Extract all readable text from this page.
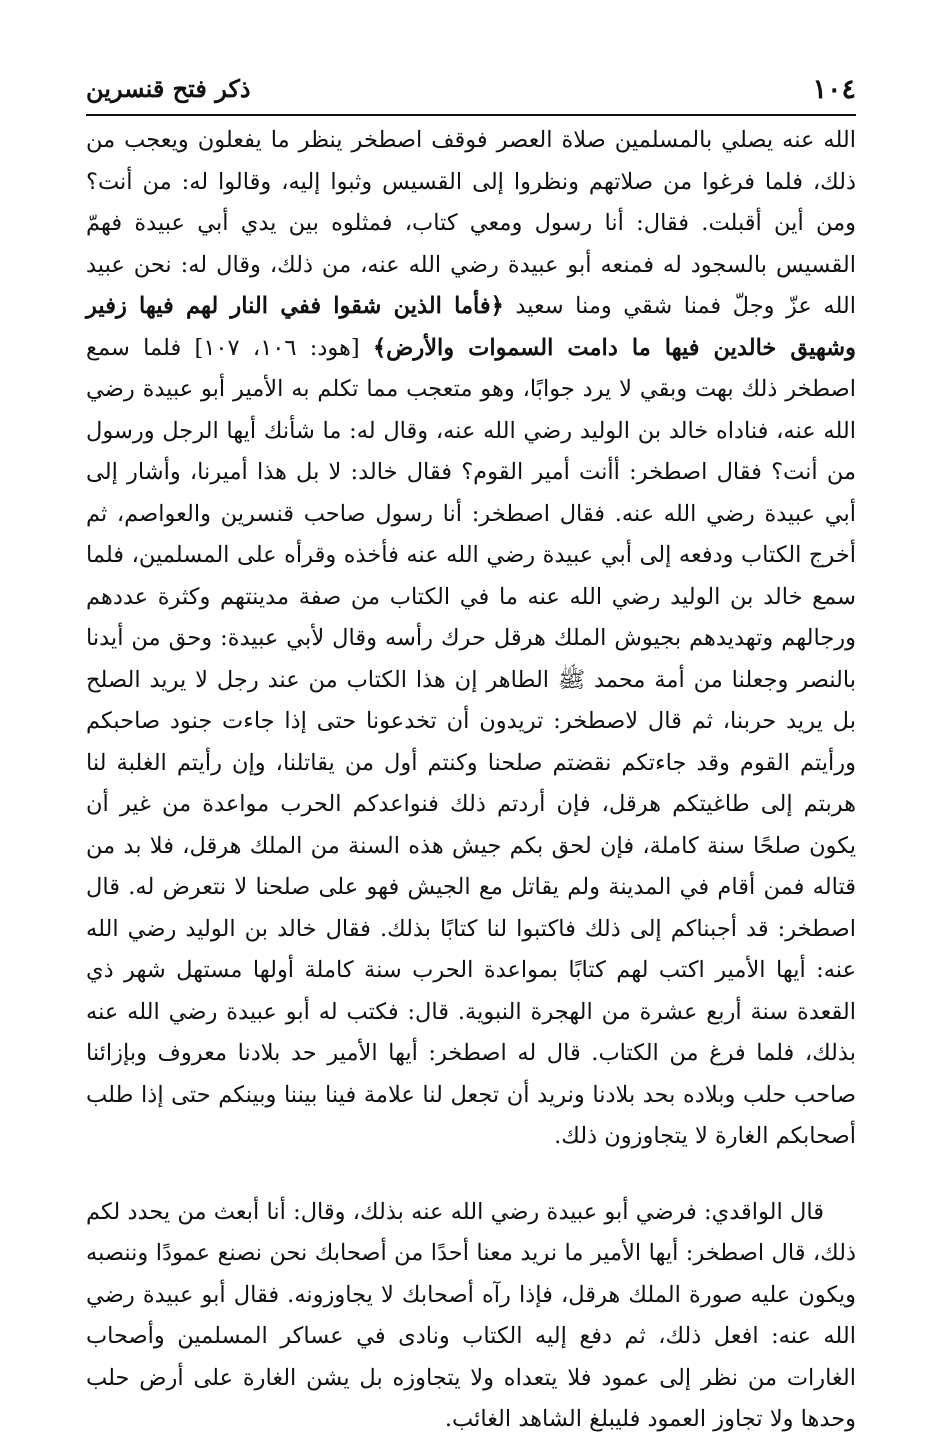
١٠٤
ذكر فتح قنسرين

الله عنه يصلي بالمسلمين صلاة العصر فوقف اصطخر ينظر ما يفعلون ويعجب من ذلك، فلما فرغوا من صلاتهم ونظروا إلى القسيس وثبوا إليه، وقالوا له: من أنت؟ ومن أين أقبلت. فقال: أنا رسول ومعي كتاب، فمثلوه بين يدي أبي عبيدة فهمّ القسيس بالسجود له فمنعه أبو عبيدة رضي الله عنه، من ذلك، وقال له: نحن عبيد الله عزّ وجلّ فمنا شقي ومنا سعيد ﴿فأما الذين شقوا ففي النار لهم فيها زفير وشهيق خالدين فيها ما دامت السموات والأرض﴾ [هود: ١٠٦، ١٠٧] فلما سمع اصطخر ذلك بهت وبقي لا يرد جوابًا، وهو متعجب مما تكلم به الأمير أبو عبيدة رضي الله عنه، فناداه خالد بن الوليد رضي الله عنه، وقال له: ما شأنك أيها الرجل ورسول من أنت؟ فقال اصطخر: أأنت أمير القوم؟ فقال خالد: لا بل هذا أميرنا، وأشار إلى أبي عبيدة رضي الله عنه. فقال اصطخر: أنا رسول صاحب قنسرين والعواصم، ثم أخرج الكتاب ودفعه إلى أبي عبيدة رضي الله عنه فأخذه وقرأه على المسلمين، فلما سمع خالد بن الوليد رضي الله عنه ما في الكتاب من صفة مدينتهم وكثرة عددهم ورجالهم وتهديدهم بجيوش الملك هرقل حرك رأسه وقال لأبي عبيدة: وحق من أيدنا بالنصر وجعلنا من أمة محمد ﷺ الطاهر إن هذا الكتاب من عند رجل لا يريد الصلح بل يريد حربنا، ثم قال لاصطخر: تريدون أن تخدعونا حتى إذا جاءت جنود صاحبكم ورأيتم القوم وقد جاءتكم نقضتم صلحنا وكنتم أول من يقاتلنا، وإن رأيتم الغلبة لنا هربتم إلى طاغيتكم هرقل، فإن أردتم ذلك فنواعدكم الحرب مواعدة من غير أن يكون صلحًا سنة كاملة، فإن لحق بكم جيش هذه السنة من الملك هرقل، فلا بد من قتاله فمن أقام في المدينة ولم يقاتل مع الجيش فهو على صلحنا لا نتعرض له. قال اصطخر: قد أجبناكم إلى ذلك فاكتبوا لنا كتابًا بذلك. فقال خالد بن الوليد رضي الله عنه: أيها الأمير اكتب لهم كتابًا بمواعدة الحرب سنة كاملة أولها مستهل شهر ذي القعدة سنة أربع عشرة من الهجرة النبوية. قال: فكتب له أبو عبيدة رضي الله عنه بذلك، فلما فرغ من الكتاب. قال له اصطخر: أيها الأمير حد بلادنا معروف وبإزائنا صاحب حلب وبلاده بحد بلادنا ونريد أن تجعل لنا علامة فينا بيننا وبينكم حتى إذا طلب أصحابكم الغارة لا يتجاوزون ذلك.

قال الواقدي: فرضي أبو عبيدة رضي الله عنه بذلك، وقال: أنا أبعث من يحدد لكم ذلك، قال اصطخر: أيها الأمير ما نريد معنا أحدًا من أصحابك نحن نصنع عمودًا وننصبه ويكون عليه صورة الملك هرقل، فإذا رآه أصحابك لا يجاوزونه. فقال أبو عبيدة رضي الله عنه: افعل ذلك، ثم دفع إليه الكتاب ونادى في عساكر المسلمين وأصحاب الغارات من نظر إلى عمود فلا يتعداه ولا يتجاوزه بل يشن الغارة على أرض حلب وحدها ولا تجاوز العمود فليبلغ الشاهد الغائب.
